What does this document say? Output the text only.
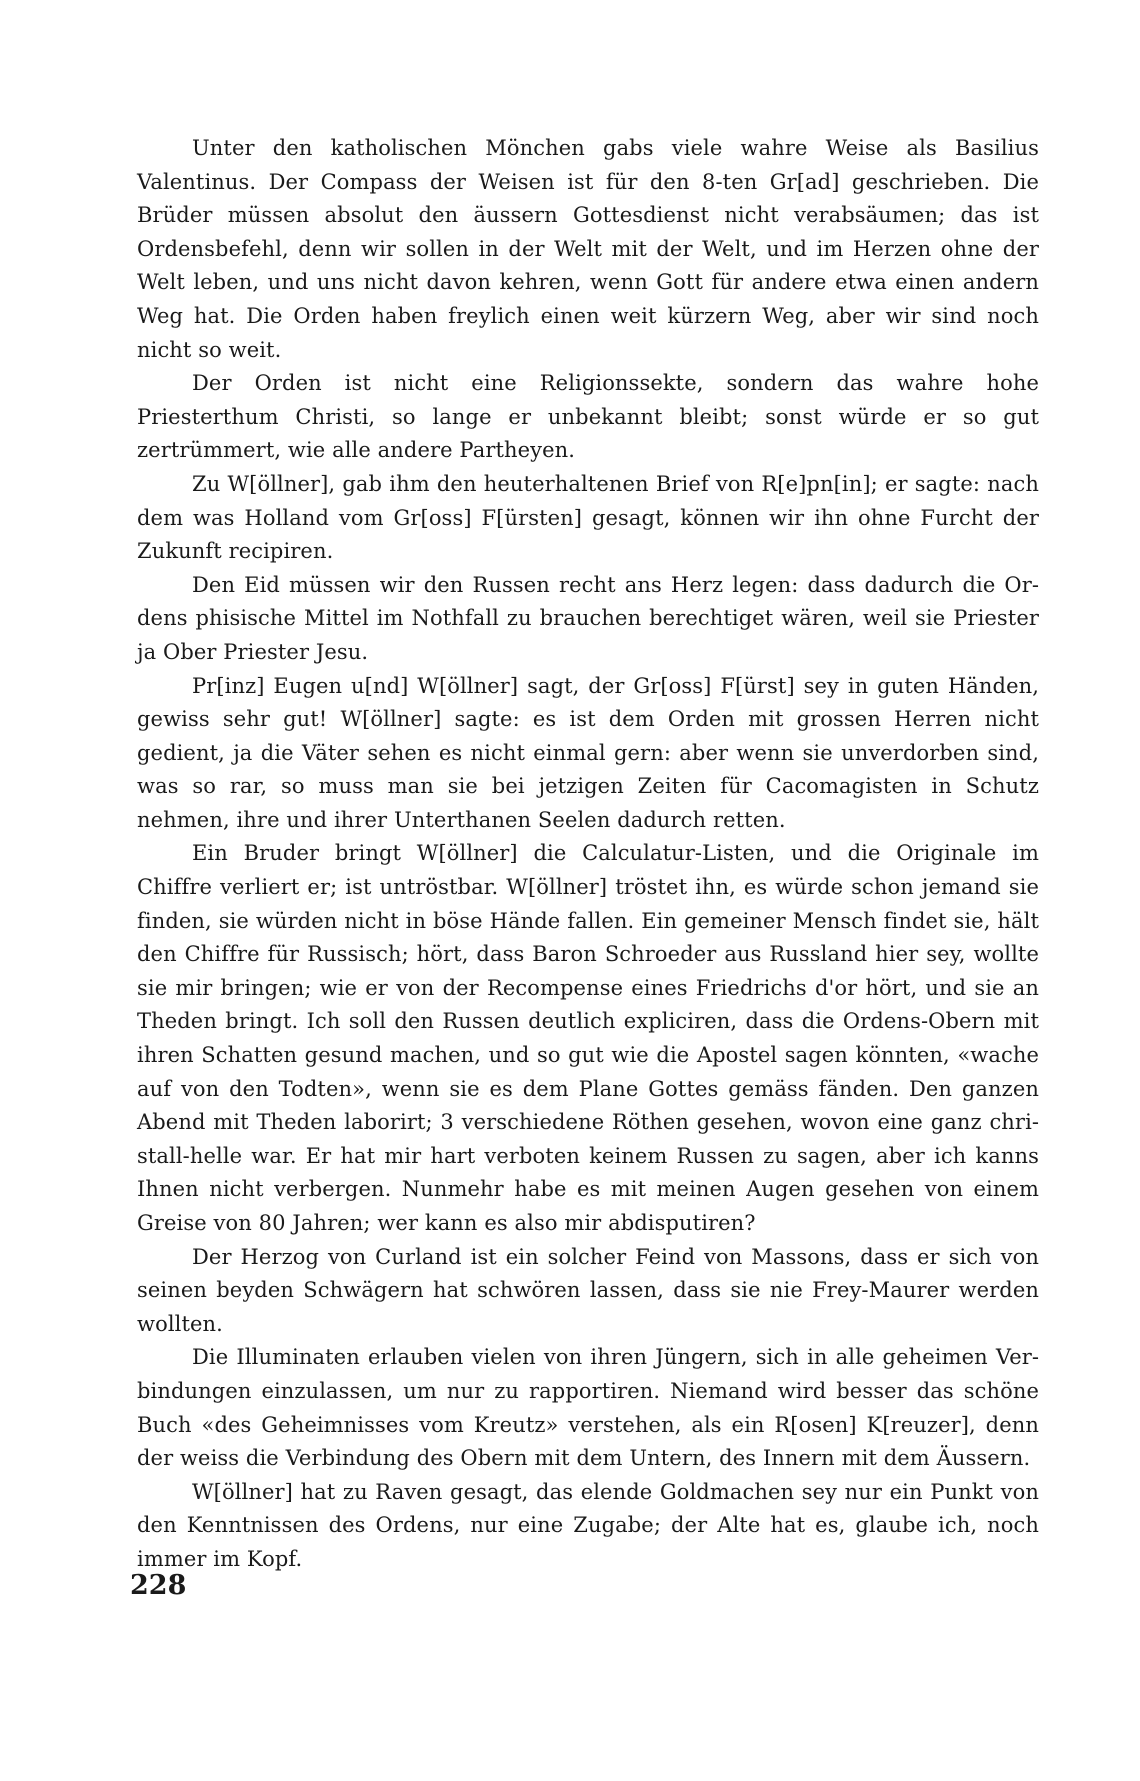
Unter den katholischen Mönchen gabs viele wahre Weise als Basilius Valentinus. Der Compass der Weisen ist für den 8-ten Gr[ad] geschrieben. Die Brüder müssen absolut den äussern Gottesdienst nicht verabsäumen; das ist Ordensbefehl, denn wir sollen in der Welt mit der Welt, und im Herzen ohne der Welt leben, und uns nicht davon kehren, wenn Gott für andere etwa einen andern Weg hat. Die Orden haben freylich einen weit kürzern Weg, aber wir sind noch nicht so weit.

Der Orden ist nicht eine Religionssekte, sondern das wahre hohe Priesterthum Christi, so lange er unbekannt bleibt; sonst würde er so gut zertrümmert, wie alle andere Partheyen.

Zu W[öllner], gab ihm den heuterhaltenen Brief von R[e]pn[in]; er sagte: nach dem was Holland vom Gr[oss] F[ürsten] gesagt, können wir ihn ohne Furcht der Zukunft recipiren.

Den Eid müssen wir den Russen recht ans Herz legen: dass dadurch die Ordens phisische Mittel im Nothfall zu brauchen berechtiget wären, weil sie Priester ja Ober Priester Jesu.

Pr[inz] Eugen u[nd] W[öllner] sagt, der Gr[oss] F[ürst] sey in guten Händen, gewiss sehr gut! W[öllner] sagte: es ist dem Orden mit grossen Herren nicht gedient, ja die Väter sehen es nicht einmal gern: aber wenn sie unverdorben sind, was so rar, so muss man sie bei jetzigen Zeiten für Cacomagisten in Schutz nehmen, ihre und ihrer Unterthanen Seelen dadurch retten.

Ein Bruder bringt W[öllner] die Calculatur-Listen, und die Originale im Chiffre verliert er; ist untröstbar. W[öllner] tröstet ihn, es würde schon jemand sie finden, sie würden nicht in böse Hände fallen. Ein gemeiner Mensch findet sie, hält den Chiffre für Russisch; hört, dass Baron Schroeder aus Russland hier sey, wollte sie mir bringen; wie er von der Recompense eines Friedrichs d'or hört, und sie an Theden bringt. Ich soll den Russen deutlich expliciren, dass die Ordens-Obern mit ihren Schatten gesund machen, und so gut wie die Apostel sagen könnten, «wache auf von den Todten», wenn sie es dem Plane Gottes gemäss fänden. Den ganzen Abend mit Theden laborirt; 3 verschiedene Röthen gesehen, wovon eine ganz christall-helle war. Er hat mir hart verboten keinem Russen zu sagen, aber ich kanns Ihnen nicht verbergen. Nunmehr habe es mit meinen Augen gesehen von einem Greise von 80 Jahren; wer kann es also mir abdisputiren?

Der Herzog von Curland ist ein solcher Feind von Massons, dass er sich von seinen beyden Schwägern hat schwören lassen, dass sie nie Frey-Maurer werden wollten.

Die Illuminaten erlauben vielen von ihren Jüngern, sich in alle geheimen Verbindungen einzulassen, um nur zu rapportiren. Niemand wird besser das schöne Buch «des Geheimnisses vom Kreutz» verstehen, als ein R[osen] K[reuzer], denn der weiss die Verbindung des Obern mit dem Untern, des Innern mit dem Äussern.

W[öllner] hat zu Raven gesagt, das elende Goldmachen sey nur ein Punkt von den Kenntnissen des Ordens, nur eine Zugabe; der Alte hat es, glaube ich, noch immer im Kopf.

228
